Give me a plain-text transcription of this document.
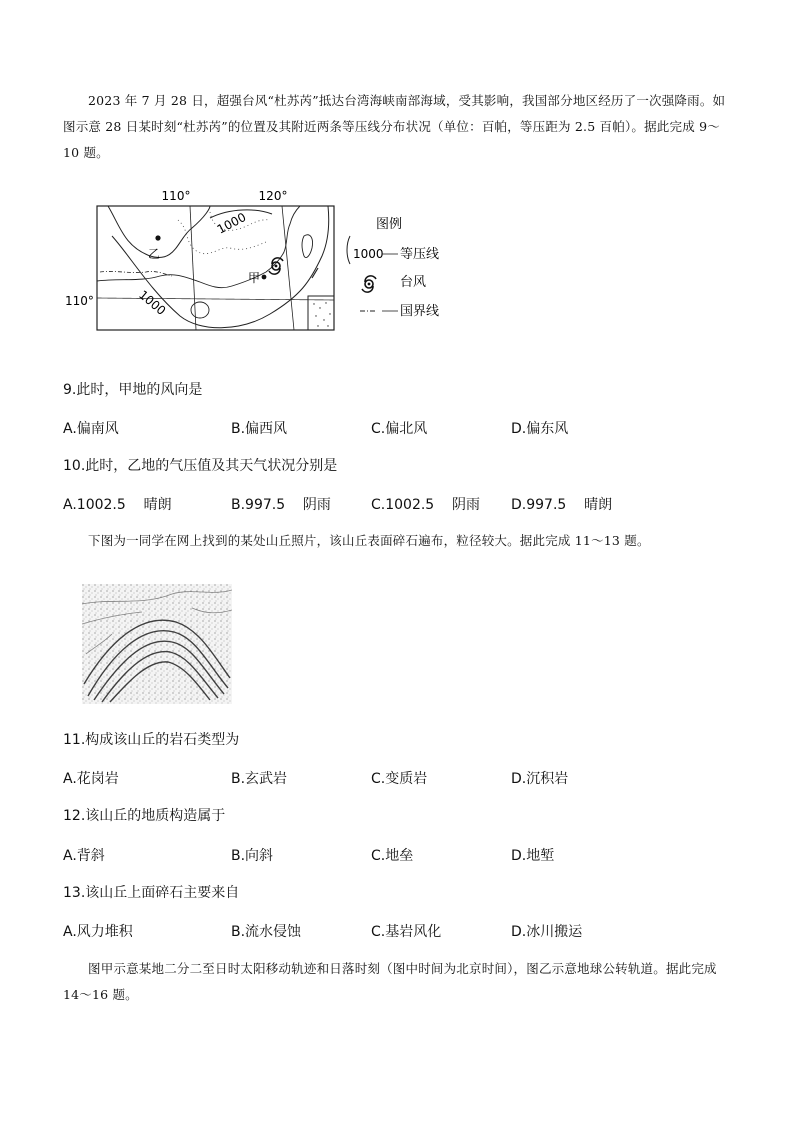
2023 年 7 月 28 日，超强台风“杜苏芮”抵达台湾海峡南部海域，受其影响，我国部分地区经历了一次强降雨。如图示意 28 日某时刻“杜苏芮”的位置及其附近两条等压线分布状况（单位：百帕，等压距为 2.5 百帕）。据此完成 9～10 题。
110°	120°
110°
1000
1000
乙
甲
图例
1000 等压线
台风
国界线
9.此时，甲地的风向是
A.偏南风	B.偏西风	C.偏北风	D.偏东风
10.此时，乙地的气压值及其天气状况分别是
A.1002.5    晴朗	B.997.5    阴雨	C.1002.5    阴雨 D.997.5    晴朗
下图为一同学在网上找到的某处山丘照片，该山丘表面碎石遍布，粒径较大。据此完成 11～13 题。
11.构成该山丘的岩石类型为
A.花岗岩	B.玄武岩	C.变质岩	D.沉积岩
12.该山丘的地质构造属于
A.背斜	B.向斜	C.地垒	D.地堑
13.该山丘上面碎石主要来自
A.风力堆积	B.流水侵蚀	C.基岩风化	D.冰川搬运
图甲示意某地二分二至日时太阳移动轨迹和日落时刻（图中时间为北京时间），图乙示意地球公转轨道。据此完成 14～16 题。
